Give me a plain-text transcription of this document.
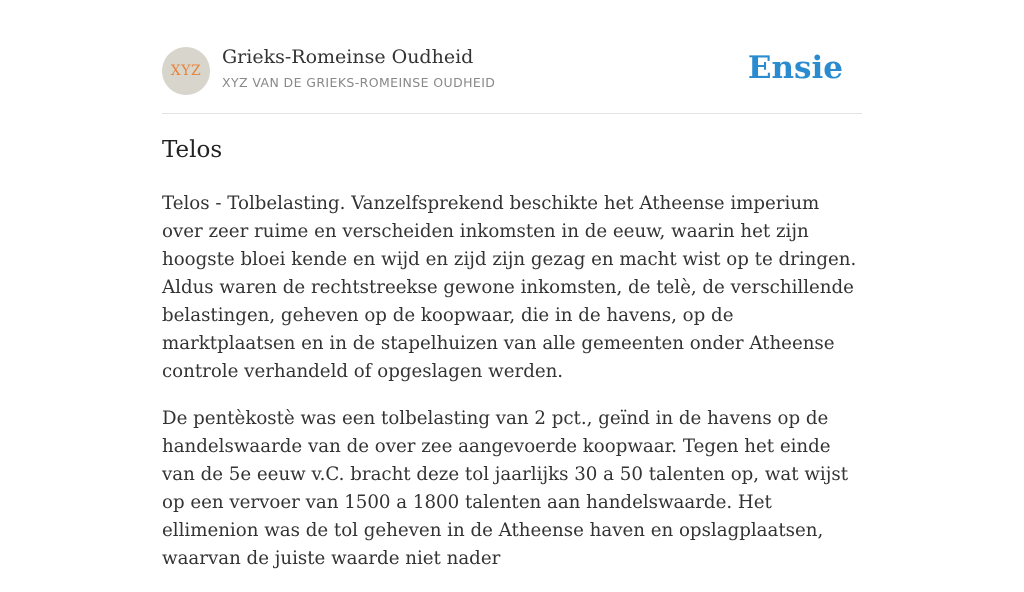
XYZ
Grieks-Romeinse Oudheid
XYZ VAN DE GRIEKS-ROMEINSE OUDHEID	Ensie
Telos

Telos - Tolbelasting. Vanzelfsprekend beschikte het Atheense imperium over zeer ruime en verscheiden inkomsten in de eeuw, waarin het zijn hoogste bloei kende en wijd en zijd zijn gezag en macht wist op te dringen. Aldus waren de rechtstreekse gewone inkomsten, de telè, de verschillende belastingen, geheven op de koopwaar, die in de havens, op de marktplaatsen en in de stapelhuizen van alle gemeenten onder Atheense controle verhandeld of opgeslagen werden.

De pentèkostè was een tolbelasting van 2 pct., geïnd in de havens op de handelswaarde van de over zee aangevoerde koopwaar. Tegen het einde van de 5e eeuw v.C. bracht deze tol jaarlijks 30 a 50 talenten op, wat wijst op een vervoer van 1500 a 1800 talenten aan handelswaarde. Het ellimenion was de tol geheven in de Atheense haven en opslagplaatsen, waarvan de juiste waarde niet nader
